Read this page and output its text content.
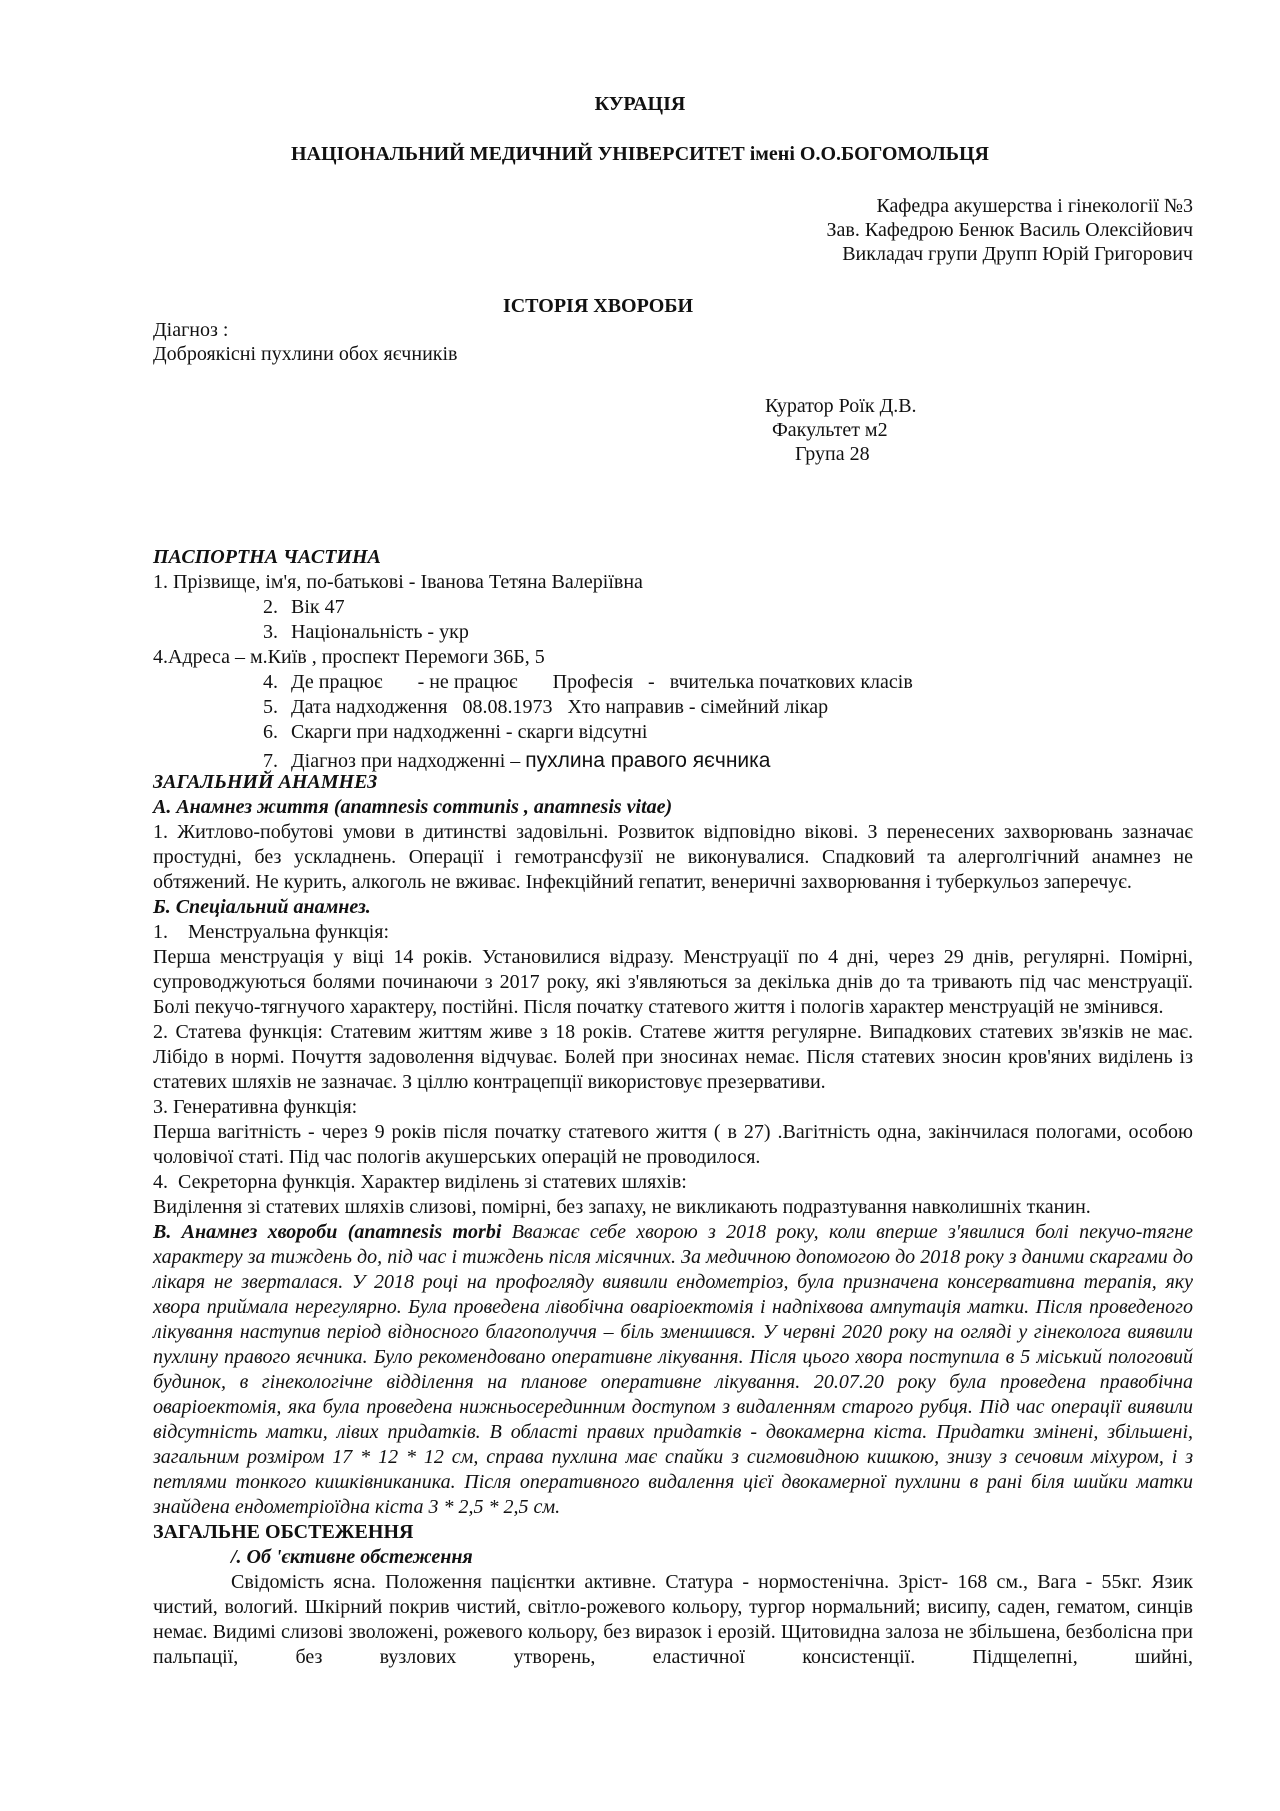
КУРАЦІЯ
НАЦІОНАЛЬНИЙ МЕДИЧНИЙ УНІВЕРСИТЕТ імені О.О.БОГОМОЛЬЦЯ
Кафедра акушерства і гінекології №3
Зав. Кафедрою Бенюк Василь Олексійович
Викладач групи Друпп Юрій Григорович
ІСТОРІЯ ХВОРОБИ
Діагноз :
Доброякісні пухлини обох яєчників
Куратор Роїк Д.В.
Факультет м2
Група 28
ПАСПОРТНА ЧАСТИНА
1. Прізвище, ім'я, по-батькові - Іванова Тетяна Валеріївна
2. Вік 47
3. Національність - укр
4.Адреса – м.Київ , проспект Перемоги 36Б, 5
4. Де працює       - не працює       Професія   -   вчителька початкових класів
5. Дата надходження   08.08.1973   Хто направив - сімейний лікар
6. Скарги при надходженні - скарги відсутні
7. Діагноз при надходженні – пухлина правого яєчника

ЗАГАЛЬНИЙ АНАМНЕЗ

А. Анамнез життя (anamnesis communis , anamnesis vitae)

1. Житлово-побутові умови в дитинстві задовільні. Розвиток відповідно вікові. З перенесених захворювань зазначає простудні, без ускладнень. Операції і гемотрансфузії не виконувалися. Спадковий та алерголгічний анамнез не обтяжений. Не курить, алкоголь не вживає. Інфекційний гепатит, венеричні захворювання і туберкульоз заперечує.

Б. Спеціальний анамнез.

1.    Менструальна функція:

Перша менструація у віці 14 років. Установилися відразу. Менструації по 4 дні, через 29 днів, регулярні. Помірні, супроводжуються болями починаючи з 2017 року, які з'являються за декілька днів до та тривають під час менструації. Болі пекучо-тягнучого характеру, постійні. Після початку статевого життя і пологів характер менструацій не змінився.

2. Статева функція: Статевим життям живе з 18 років. Статеве життя регулярне. Випадкових статевих зв'язків не має. Лібідо в нормі. Почуття задоволення відчуває. Болей при зносинах немає. Після статевих зносин кров'яних виділень із статевих шляхів не зазначає. З ціллю контрацепції використовує презервативи.

3. Генеративна функція:

Перша вагітність - через 9 років після початку статевого життя ( в 27) .Вагітність одна, закінчилася пологами, особою чоловічої статі. Під час пологів акушерських операцій не проводилося.

4.  Секреторна функція. Характер виділень зі статевих шляхів:

Виділення зі статевих шляхів слизові, помірні, без запаху, не викликають подразтування навколишніх тканин.

В. Анамнез хвороби (anamnesis morbi Вважає себе хворою з 2018 року, коли вперше з'явилися болі пекучо-тягне характеру за тиждень до, під час і тиждень після місячних. За медичною допомогою до 2018 року з даними скаргами до лікаря не зверталася. У 2018 році на профогляду виявили ендометріоз, була призначена консервативна терапія, яку хвора приймала нерегулярно. Була проведена лівобічна оваріоектомія і надпіхвова ампутація матки. Після проведеного лікування наступив період відносного благополуччя – біль зменшився. У червні 2020 року на огляді у гінеколога виявили пухлину правого яєчника. Було рекомендовано оперативне лікування. Після цього хвора поступила в 5 міський пологовий будинок, в гінекологічне відділення на планове оперативне лікування. 20.07.20 року була проведена правобічна оваріоектомія, яка була проведена нижньосерединним доступом з видаленням старого рубця. Під час операції виявили відсутність матки, лівих придатків. В області правих придатків - двокамерна кіста. Придатки змінені, збільшені, загальним розміром 17 * 12 * 12 см, справа пухлина має спайки з сигмовидною кишкою, знизу з сечовим міхуром, і з петлями тонкого кишківниканика. Після оперативного видалення цієї двокамерної пухлини в рані біля шийки матки знайдена ендометріоїдна кіста 3 * 2,5 * 2,5 см.

ЗАГАЛЬНЕ ОБСТЕЖЕННЯ

/. Об 'єктивне обстеження

Свідомість ясна. Положення пацієнтки активне. Статура - нормостенічна. Зріст- 168 см., Вага - 55кг. Язик чистий, вологий. Шкірний покрив чистий, світло-рожевого кольору, тургор нормальний; висипу, саден, гематом, синців немає. Видимі слизові зволожені, рожевого кольору, без виразок і ерозій. Щитовидна залоза не збільшена, безболісна при пальпації, без вузлових утворень, еластичної консистенції. Підщелепні, шийні,
